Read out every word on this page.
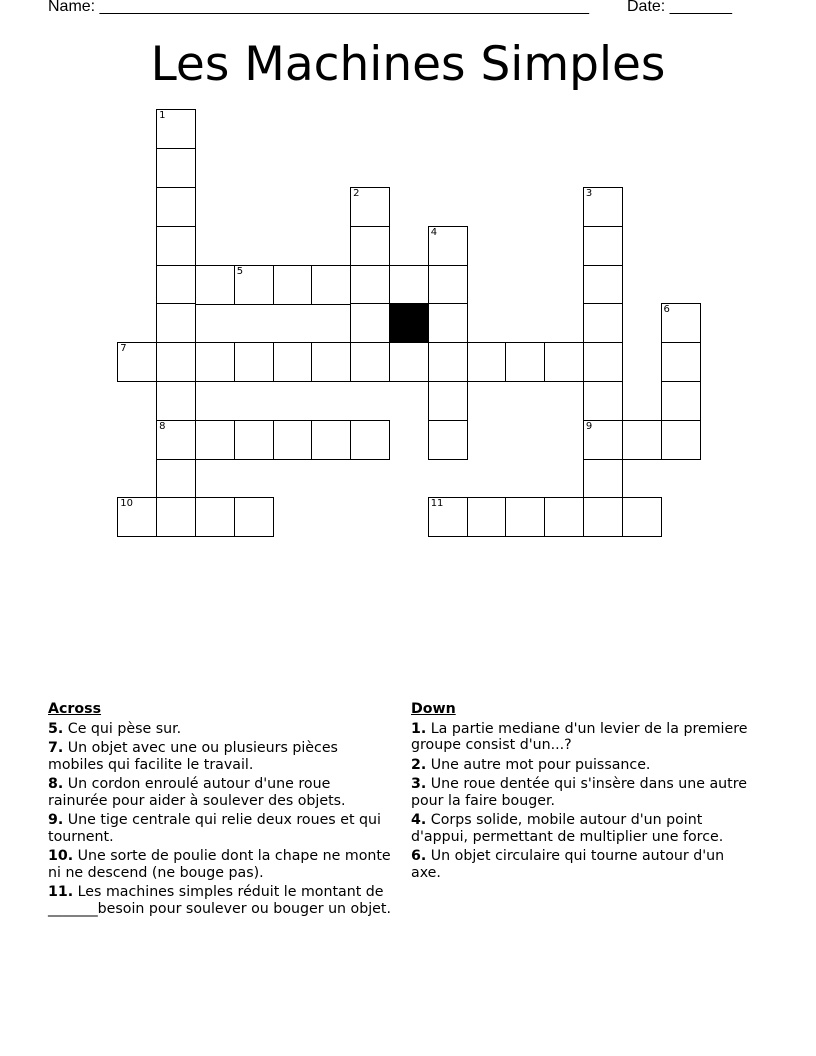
Name: _______________________________________________________ Date: _______
Les Machines Simples
1
8
2	3
9
4
11
5
6
7
10
Across
5. Ce qui pèse sur.
7. Un objet avec une ou plusieurs pièces mobiles qui facilite le travail.
8. Un cordon enroulé autour d'une roue rainurée pour aider à soulever des objets.
9. Une tige centrale qui relie deux roues et qui tournent.
10. Une sorte de poulie dont la chape ne monte ni ne descend (ne bouge pas).
11. Les machines simples réduit le montant de _______besoin pour soulever ou bouger un objet.
Down
1. La partie mediane d'un levier de la premiere groupe consist d'un...?
2. Une autre mot pour puissance.
3. Une roue dentée qui s'insère dans une autre pour la faire bouger.
4. Corps solide, mobile autour d'un point d'appui, permettant de multiplier une force.
6. Un objet circulaire qui tourne autour d'un axe.
